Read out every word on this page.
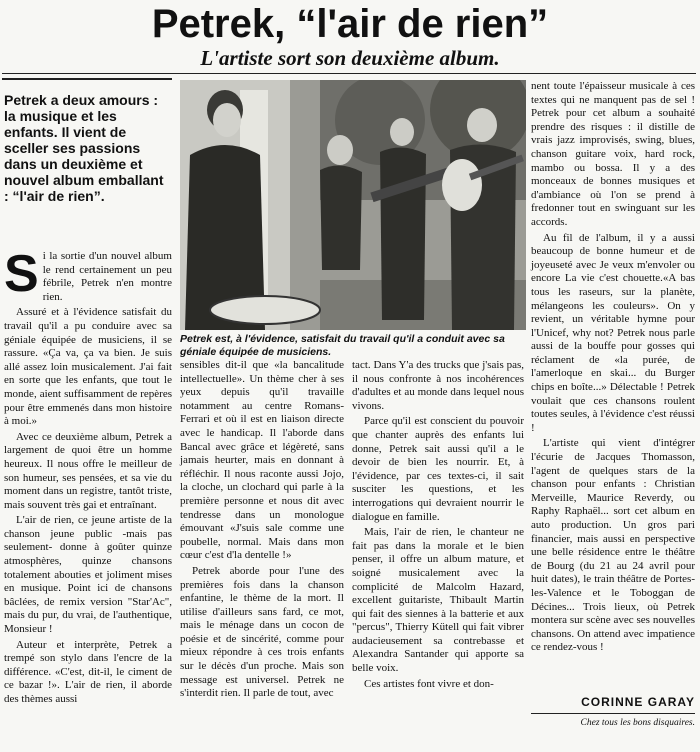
Petrek, “l'air de rien”
L'artiste sort son deuxième album.
Petrek a deux amours : la musique et les enfants. Il vient de sceller ses passions dans un deuxième et nouvel album emballant : “l'air de rien”.

Si la sortie d'un nouvel album le rend certainement un peu fébrile, Petrek n'en montre rien.

Assuré et à l'évidence satisfait du travail qu'il a pu conduire avec sa géniale équipée de musiciens, il se rassure. «Ça va, ça va bien. Je suis allé assez loin musicalement. J'ai fait en sorte que les enfants, que tout le monde, aient suffisamment de repères pour être emmenés dans mon histoire à moi.»

Avec ce deuxième album, Petrek a largement de quoi être un homme heureux. Il nous offre le meilleur de son humeur, ses pensées, et sa vie du moment dans un registre, tantôt triste, mais souvent très gai et entraînant.

L'air de rien, ce jeune artiste de la chanson jeune public -mais pas seulement- donne à goûter quinze atmosphères, quinze chansons totalement abouties et joliment mises en musique. Point ici de chansons bâclées, de remix version "Star'Ac", mais du pur, du vrai, de l'authentique, Monsieur !

Auteur et interprète, Petrek a trempé son stylo dans l'encre de la différence. «C'est, dit-il, le ciment de ce bazar !». L'air de rien, il aborde des thèmes aussi

Petrek est, à l'évidence, satisfait du travail qu'il a conduit avec sa géniale équipée de musiciens.

sensibles dit-il que «la bancalitude intellectuelle». Un thème cher à ses yeux depuis qu'il travaille notamment au centre Romans-Ferrari et où il est en liaison directe avec le handicap. Il l'aborde dans Bancal avec grâce et légèreté, sans jamais heurter, mais en donnant à réfléchir. Il nous raconte aussi Jojo, la cloche, un clochard qui parle à la première personne et nous dit avec tendresse dans un monologue émouvant «J'suis sale comme une poubelle, normal. Mais dans mon cœur c'est d'la dentelle !»

Petrek aborde pour l'une des premières fois dans la chanson enfantine, le thème de la mort. Il utilise d'ailleurs sans fard, ce mot, mais le ménage dans un cocon de poésie et de sincérité, comme pour mieux répondre à ces trois enfants sur le décès d'un proche. Mais son message est universel. Petrek ne s'interdit rien. Il parle de tout, avec

tact. Dans Y'a des trucks que j'sais pas, il nous confronte à nos incohérences d'adultes et au monde dans lequel nous vivons.

Parce qu'il est conscient du pouvoir que chanter auprès des enfants lui donne, Petrek sait aussi qu'il a le devoir de bien les nourrir. Et, à l'évidence, par ces textes-ci, il sait susciter les questions, et les interrogations qui devraient nourrir le dialogue en famille.

Mais, l'air de rien, le chanteur ne fait pas dans la morale et le bien penser, il offre un album mature, et soigné musicalement avec la complicité de Malcolm Hazard, excellent guitariste, Thibault Martin qui fait des siennes à la batterie et aux "percus", Thierry Kütell qui fait vibrer audacieusement sa contrebasse et Alexandra Santander qui apporte sa belle voix.

Ces artistes font vivre et don-

nent toute l'épaisseur musicale à ces textes qui ne manquent pas de sel ! Petrek pour cet album a souhaité prendre des risques : il distille de vrais jazz improvisés, swing, blues, chanson guitare voix, hard rock, mambo ou bossa. Il y a des monceaux de bonnes musiques et d'ambiance où l'on se prend à fredonner tout en swinguant sur les accords.

Au fil de l'album, il y a aussi beaucoup de bonne humeur et de joyeuseté avec Je veux m'envoler ou encore La vie c'est chouette.«A bas tous les raseurs, sur la planète, mélangeons les couleurs». On y revient, un véritable hymne pour l'Unicef, why not? Petrek nous parle aussi de la bouffe pour gosses qui réclament de «la purée, de l'amerloque en skai... du Burger chips en boîte...» Délectable ! Petrek voulait que ces chansons roulent toutes seules, à l'évidence c'est réussi !

L'artiste qui vient d'intégrer l'écurie de Jacques Thomasson, l'agent de quelques stars de la chanson pour enfants : Christian Merveille, Maurice Reverdy, ou Raphy Raphaël... sort cet album en auto production. Un gros pari financier, mais aussi en perspective une belle résidence entre le théâtre de Bourg (du 21 au 24 avril pour huit dates), le train théâtre de Portes-les-Valence et le Toboggan de Décines... Trois lieux, où Petrek montera sur scène avec ses nouvelles chansons. On attend avec impatience ce rendez-vous !

CORINNE GARAY
Chez tous les bons disquaires.
